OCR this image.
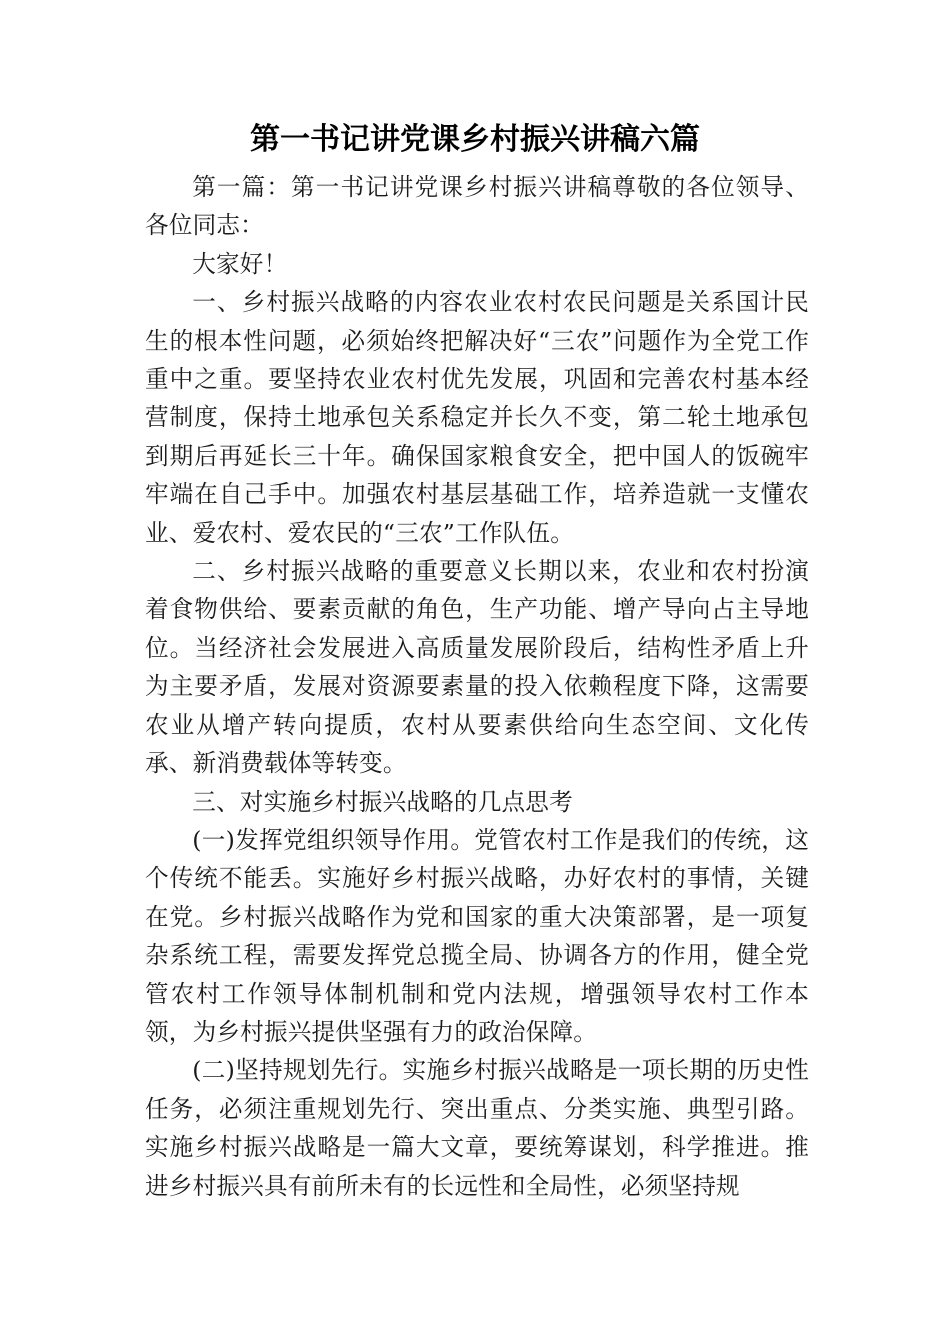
第一书记讲党课乡村振兴讲稿六篇

第一篇：第一书记讲党课乡村振兴讲稿尊敬的各位领导、各位同志：

大家好！

一、乡村振兴战略的内容农业农村农民问题是关系国计民生的根本性问题，必须始终把解决好“三农”问题作为全党工作重中之重。要坚持农业农村优先发展，巩固和完善农村基本经营制度，保持土地承包关系稳定并长久不变，第二轮土地承包到期后再延长三十年。确保国家粮食安全，把中国人的饭碗牢牢端在自己手中。加强农村基层基础工作，培养造就一支懂农业、爱农村、爱农民的“三农”工作队伍。

二、乡村振兴战略的重要意义长期以来，农业和农村扮演着食物供给、要素贡献的角色，生产功能、增产导向占主导地位。当经济社会发展进入高质量发展阶段后，结构性矛盾上升为主要矛盾，发展对资源要素量的投入依赖程度下降，这需要农业从增产转向提质，农村从要素供给向生态空间、文化传承、新消费载体等转变。

三、对实施乡村振兴战略的几点思考

(一)发挥党组织领导作用。党管农村工作是我们的传统，这个传统不能丢。实施好乡村振兴战略，办好农村的事情，关键在党。乡村振兴战略作为党和国家的重大决策部署，是一项复杂系统工程，需要发挥党总揽全局、协调各方的作用，健全党管农村工作领导体制机制和党内法规，增强领导农村工作本领，为乡村振兴提供坚强有力的政治保障。

(二)坚持规划先行。实施乡村振兴战略是一项长期的历史性任务，必须注重规划先行、突出重点、分类实施、典型引路。实施乡村振兴战略是一篇大文章，要统筹谋划，科学推进。推进乡村振兴具有前所未有的长远性和全局性，必须坚持规
